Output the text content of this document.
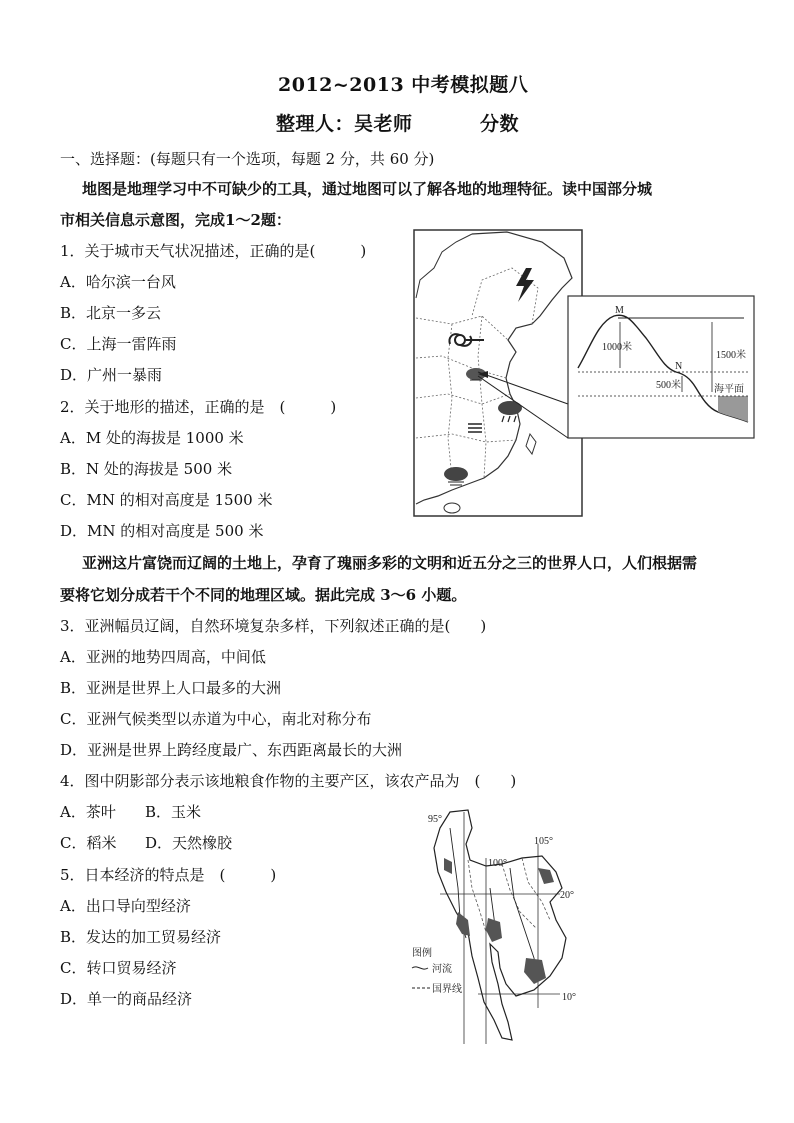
2012~2013 中考模拟题八
整理人：吴老师	分数
一、选择题：(每题只有一个选项，每题 2 分，共 60 分)
地图是地理学习中不可缺少的工具，通过地图可以了解各地的地理特征。读中国部分城
市相关信息示意图，完成1～2题：
1．关于城市天气状况描述，正确的是(　　　)
A．哈尔滨一台风
B．北京一多云
C．上海一雷阵雨
D．广州一暴雨
2．关于地形的描述，正确的是　(　　　)
A．M 处的海拔是 1000 米
B．N 处的海拔是 500 米
C．MN 的相对高度是 1500 米
D．MN 的相对高度是 500 米
亚洲这片富饶而辽阔的土地上，孕育了瑰丽多彩的文明和近五分之三的世界人口，人们根据需
要将它划分成若干个不同的地理区域。据此完成 3～6 小题。
3．亚洲幅员辽阔，自然环境复杂多样，下列叙述正确的是(　　)
A．亚洲的地势四周高，中间低
B．亚洲是世界上人口最多的大洲
C．亚洲气候类型以赤道为中心，南北对称分布
D．亚洲是世界上跨经度最广、东西距离最长的大洲
4．图中阴影部分表示该地粮食作物的主要产区，该农产品为　(　　)
A．茶叶 B．玉米
C．稻米 D．天然橡胶
5．日本经济的特点是　(　　　)
A．出口导向型经济
B．发达的加工贸易经济
C．转口贸易经济
D．单一的商品经济
M
N
1000米
1500米
500米	海平面
95°
100°
105°
20°
10°
图例
河流
国界线
